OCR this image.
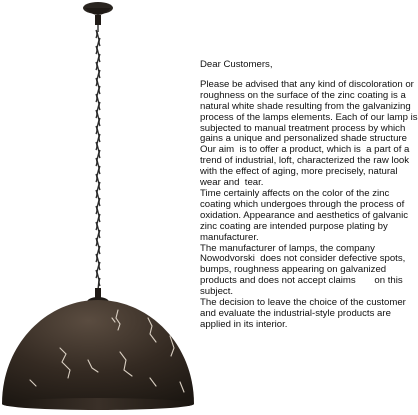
Dear Customers,
Please be advised that any kind of discoloration or
roughness on the surface of the zinc coating is a
natural white shade resulting from the galvanizing
process of the lamps elements. Each of our lamp is
subjected to manual treatment process by which
gains a unique and personalized shade structure
Our aim  is to offer a product, which is  a part of a
trend of industrial, loft, characterized the raw look
with the effect of aging, more precisely, natural
wear and  tear.
Time certainly affects on the color of the zinc
coating which undergoes through the process of
oxidation. Appearance and aesthetics of galvanic
zinc coating are intended purpose plating by
manufacturer.
The manufacturer of lamps, the company
Nowodvorski  does not consider defective spots,
bumps, roughness appearing on galvanized
products and does not accept claims       on this
subject.
The decision to leave the choice of the customer
and evaluate the industrial-style products are
applied in its interior.
